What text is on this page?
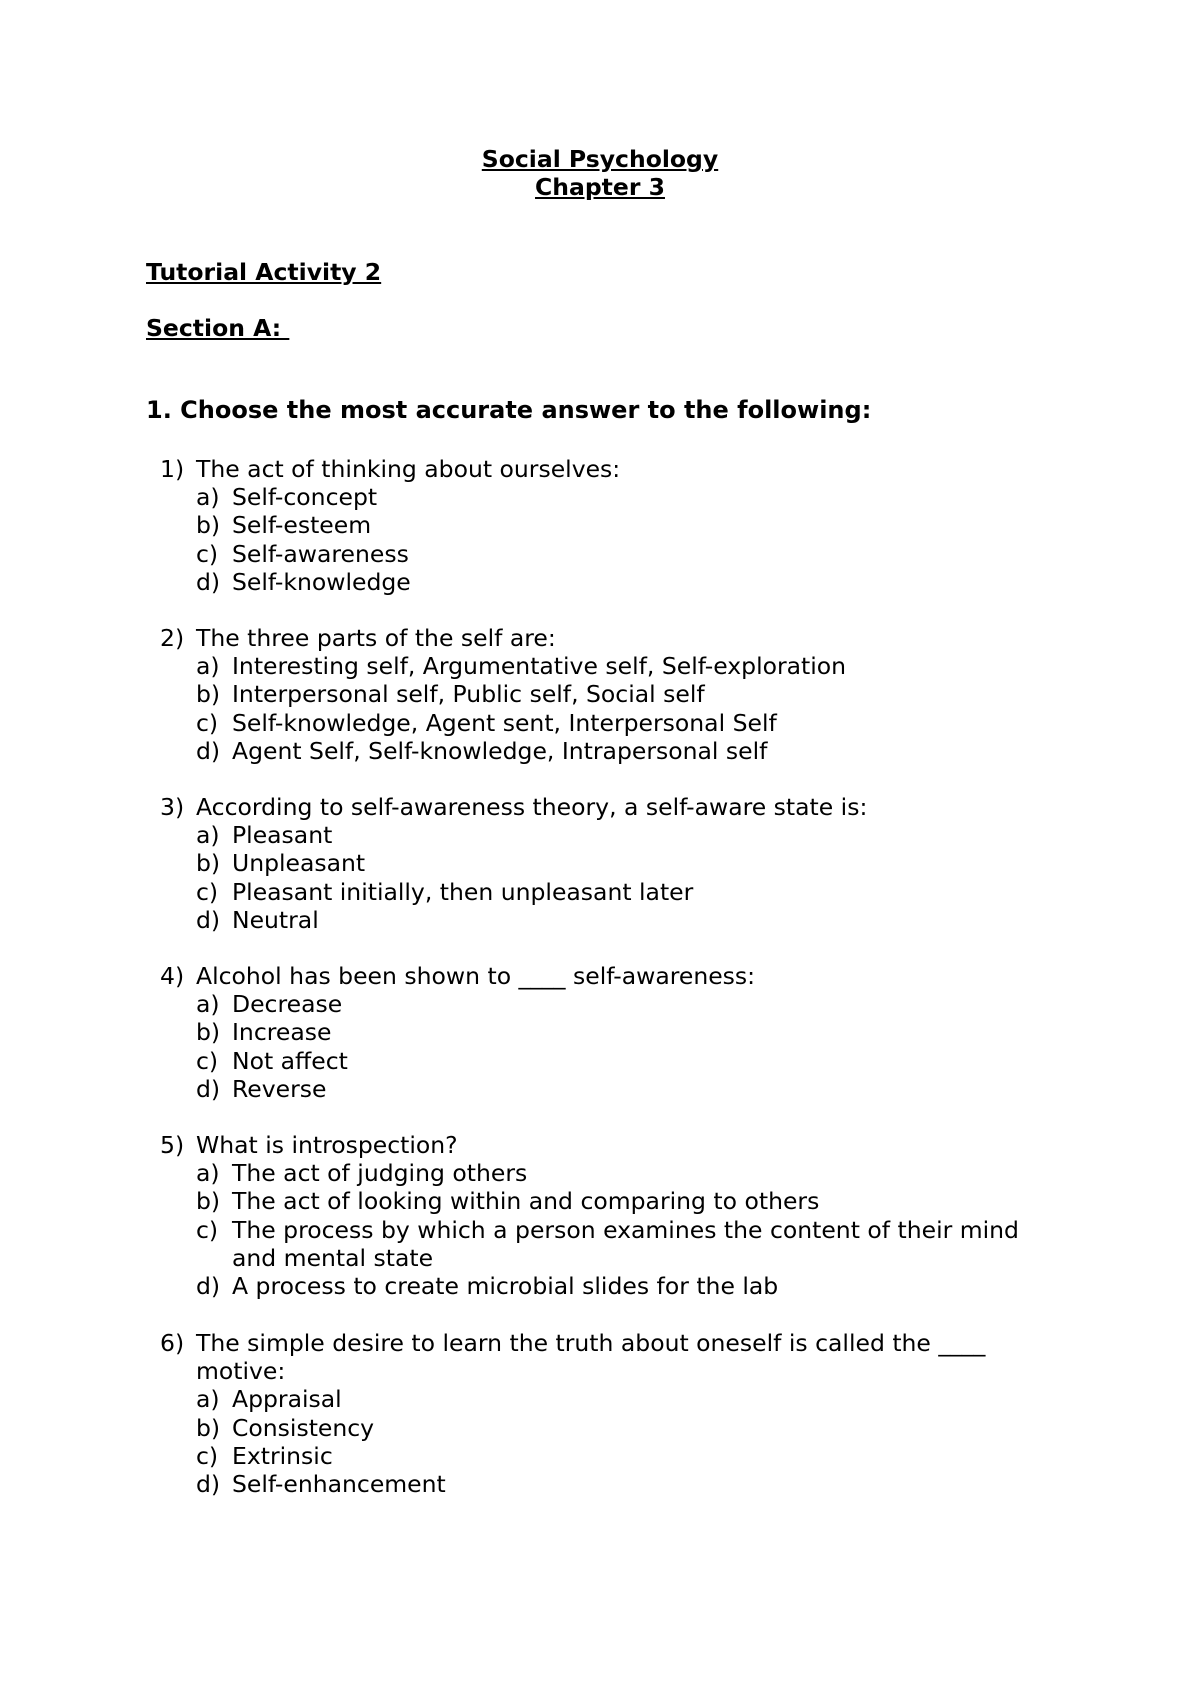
Social Psychology
Chapter 3
Tutorial Activity 2
Section A:
1. Choose the most accurate answer to the following:
1) The act of thinking about ourselves:
a) Self-concept
b) Self-esteem
c) Self-awareness
d) Self-knowledge
2) The three parts of the self are:
a) Interesting self, Argumentative self, Self-exploration
b) Interpersonal self, Public self, Social self
c) Self-knowledge, Agent sent, Interpersonal Self
d) Agent Self, Self-knowledge, Intrapersonal self
3) According to self-awareness theory, a self-aware state is:
a) Pleasant
b) Unpleasant
c) Pleasant initially, then unpleasant later
d) Neutral
4) Alcohol has been shown to ____ self-awareness:
a) Decrease
b) Increase
c) Not affect
d) Reverse
5) What is introspection?
a) The act of judging others
b) The act of looking within and comparing to others
c) The process by which a person examines the content of their mind and mental state
d) A process to create microbial slides for the lab
6) The simple desire to learn the truth about oneself is called the ____ motive:
a) Appraisal
b) Consistency
c) Extrinsic
d) Self-enhancement
